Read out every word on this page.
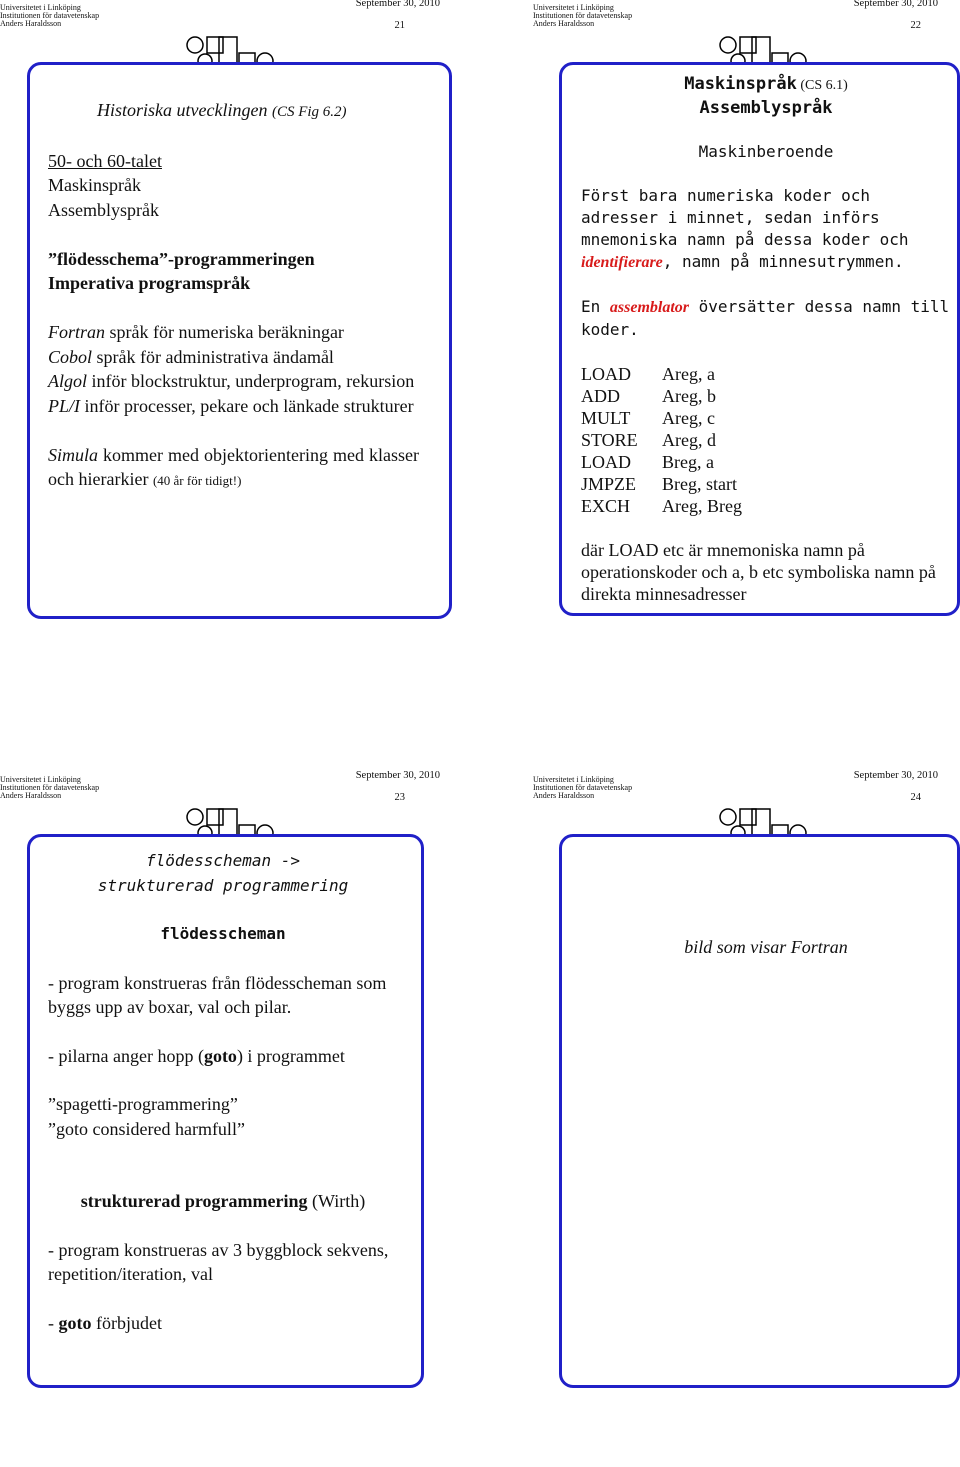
Universitetet i Linköping
Institutionen för datavetenskap
Anders Haraldsson
September 30, 2010
21

Historiska utvecklingen (CS Fig 6.2)

50- och 60-talet

Maskinspråk

Assemblyspråk

”flödesschema”-programmeringen

Imperativa programspråk

Fortran språk för numeriska beräkningar

Cobol språk för administrativa ändamål

Algol inför blockstruktur, underprogram, rekursion

PL/I inför processer, pekare och länkade strukturer

Simula kommer med objektorientering med klasser och hierarkier (40 år för tidigt!)

Universitetet i Linköping
Institutionen för datavetenskap
Anders Haraldsson
September 30, 2010
22

Maskinspråk (CS 6.1)

Assemblyspråk

Maskinberoende

Först bara numeriska koder och adresser i minnet, sedan införs mnemoniska namn på dessa koder och identifierare, namn på minnesutrymmen.

En assemblator översätter dessa namn till koder.

LOAD	Areg, a
ADD	Areg, b
MULT	Areg, c
STORE	Areg, d
LOAD	Breg, a
JMPZE	Breg, start
EXCH	Areg, Breg

där LOAD etc är mnemoniska namn på operationskoder och a, b etc symboliska namn på direkta minnesadresser

Universitetet i Linköping
Institutionen för datavetenskap
Anders Haraldsson
September 30, 2010
23

flödesscheman ->

strukturerad programmering

flödesscheman

- program konstrueras från flödesscheman som byggs upp av boxar, val och pilar.

- pilarna anger hopp (goto) i programmet

”spagetti-programmering”

”goto considered harmfull”

strukturerad programmering (Wirth)

- program konstrueras av 3 byggblock sekvens, repetition/iteration, val

- goto förbjudet

Universitetet i Linköping
Institutionen för datavetenskap
Anders Haraldsson
September 30, 2010
24

bild som visar Fortran
